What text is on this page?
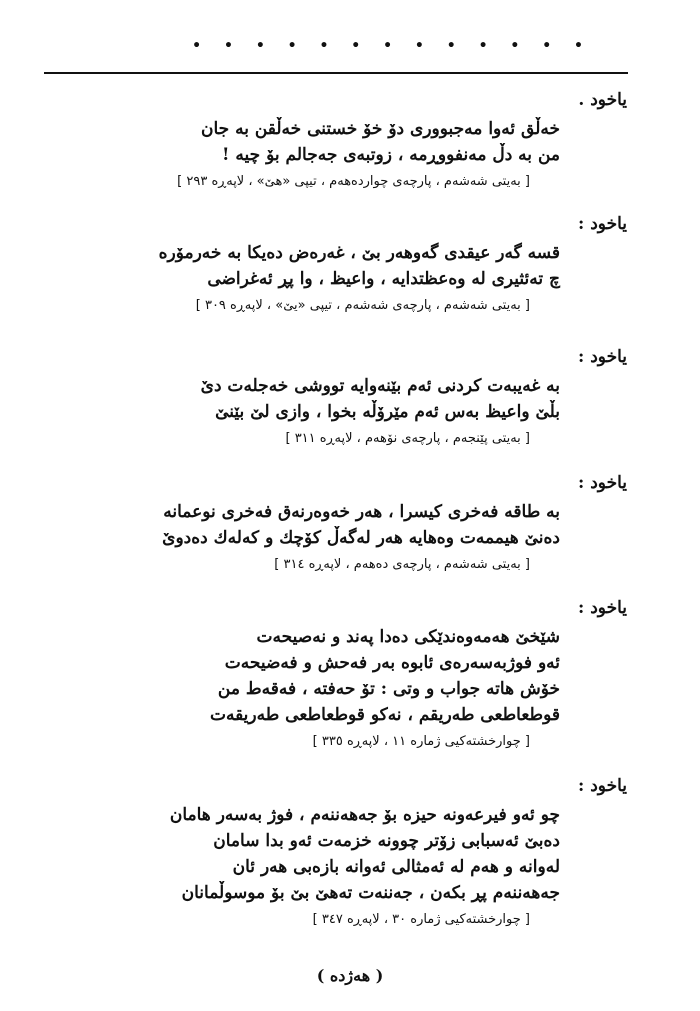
• • • • • • • • • • • • •

یاخود .

خەڵق ئەوا مەجبووری دۆ خۆ خستنی خەڵقن بە جان
من بە دڵ مەنفووڕمە ، زوتبەی جەجالم بۆ چیە !
[ بەیتی شەشەم ، پارچەی چواردەهەم ، تیپی «هێ» ، لاپەڕە ٢٩٣ ]

یاخود :

قسە گەر عیقدی گەوهەر بێ ، غەرەض دەیکا بە خەرمۆرە
چ تەئثیری لە وەعظتدایە ، واعیظ ، وا پڕ ئەغراضی
[ بەیتی شەشەم ، پارچەی شەشەم ، تیپی «یێ» ، لاپەڕە ٣٠٩ ]

یاخود :

بە غەیبەت کردنی ئەم بێنەوایە تووشی خەجلەت دێ
بڵێ واعیظ بەس ئەم مێرۆڵە بخوا ، وازی لێ بێنێ
[ بەیتی پێنجەم ، پارچەی نۆهەم ، لاپەڕە ٣١١ ]

یاخود :

بە طاقە فەخری کیسرا ، هەر خەوەرنەق فەخری نوعمانە
دەنێ هیممەت وەهایە هەر لەگەڵ کۆچك و کەلەك دەدوێ
[ بەیتی شەشەم ، پارچەی دەهەم ، لاپەڕە ٣١٤ ]

یاخود :

شێخێ هەمەوەندێکی دەدا پەند و نەصیحەت
ئەو فوژبەسەرەی ئابوە بەر فەحش و فەضیحەت
خۆش هاتە جواب و وتی : تۆ حەفتە ، فەقەط من
قوطعاطعی طەریقم ، نەکو قوطعاطعی طەریقەت
[ چوارخشتەکیی ژمارە ١١ ، لاپەڕە ٣٣٥ ]

یاخود :

چو ئەو فیرعەونە حیزە بۆ جەهەننەم ، فوژ بەسەر هامان
دەبێ ئەسبابی زۆتر چوونە خزمەت ئەو بدا سامان
لەوانە و هەم لە ئەمثالی ئەوانە بازەبی هەر ئان
جەهەننەم پڕ بکەن ، جەننەت تەهێ بێ بۆ موسوڵمانان
[ چوارخشتەکیی ژمارە ٣٠ ، لاپەڕە ٣٤٧ ]
( هەژدە )
